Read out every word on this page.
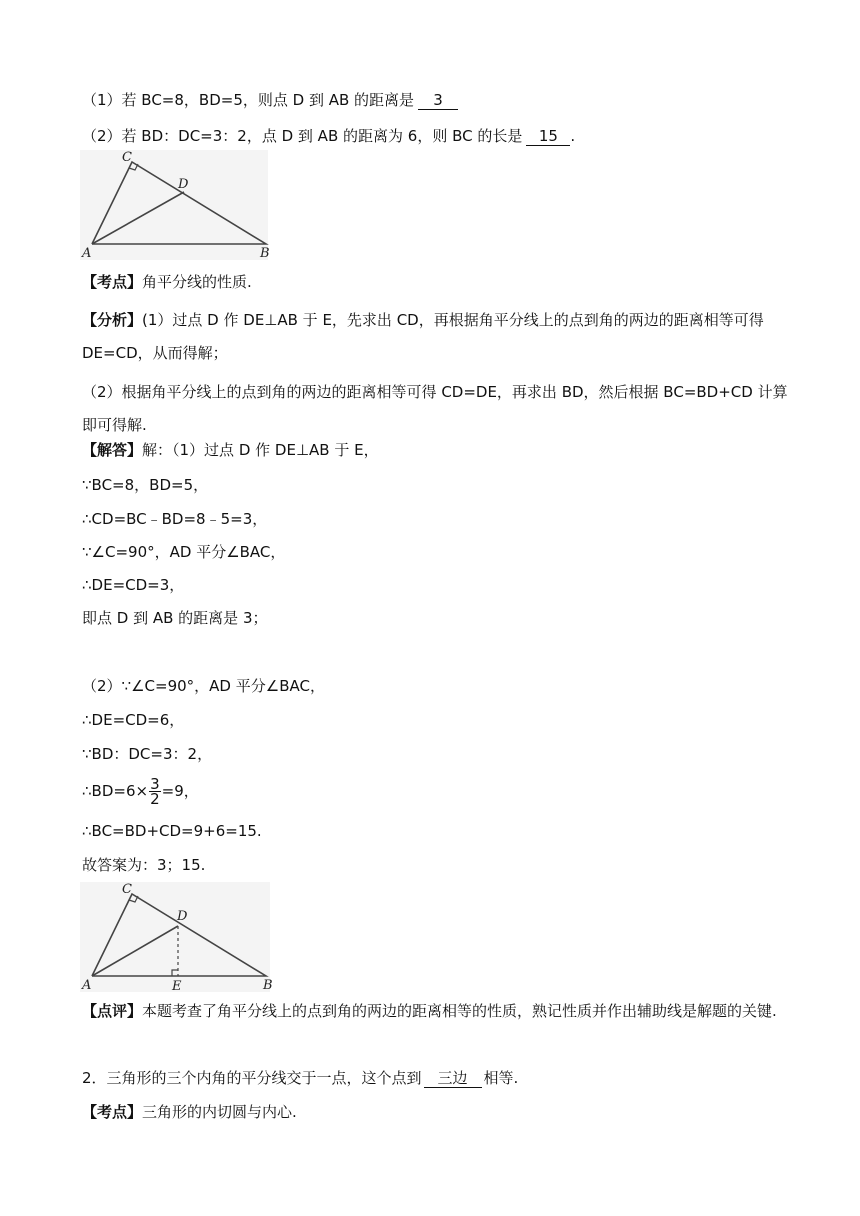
（1）若 BC=8，BD=5，则点 D 到 AB 的距离是 3
（2）若 BD：DC=3：2，点 D 到 AB 的距离为 6，则 BC 的长是 15 .
C
D
A	B
【考点】角平分线的性质.
【分析】(1）过点 D 作 DE⊥AB 于 E，先求出 CD，再根据角平分线上的点到角的两边的距离相等可得 DE=CD，从而得解；
（2）根据角平分线上的点到角的两边的距离相等可得 CD=DE，再求出 BD，然后根据 BC=BD+CD 计算即可得解.
【解答】解：（1）过点 D 作 DE⊥AB 于 E，
∵BC=8，BD=5，
∴CD=BC﹣BD=8﹣5=3，
∵∠C=90°，AD 平分∠BAC，
∴DE=CD=3，
即点 D 到 AB 的距离是 3；
（2）∵∠C=90°，AD 平分∠BAC，
∴DE=CD=6，
∵BD：DC=3：2，
∴BD=6× $\frac{3}{2} =9$，
∴BC=BD+CD=9+6=15.
故答案为：3；15.
C
D
A	E	B
【点评】本题考查了角平分线上的点到角的两边的距离相等的性质，熟记性质并作出辅助线是解题的关键.
2．三角形的三个内角的平分线交于一点，这个点到 三边 相等.
【考点】三角形的内切圆与内心.
